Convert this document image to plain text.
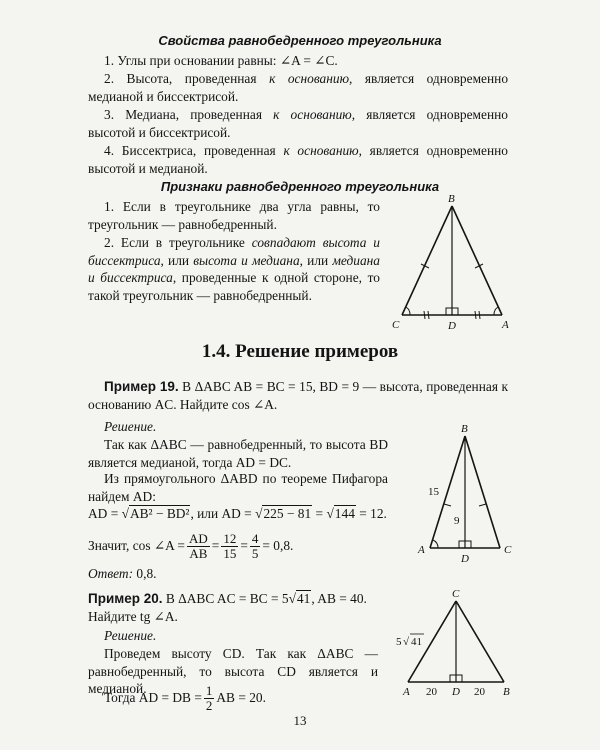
Свойства равнобедренного треугольника
1. Углы при основании равны: ∠A = ∠C.
2. Высота, проведенная к основанию, является одновременно медианой и биссектрисой.
3. Медиана, проведенная к основанию, является одновременно высотой и биссектрисой.
4. Биссектриса, проведенная к основанию, является одновременно высотой и медианой.
Признаки равнобедренного треугольника
1. Если в треугольнике два угла равны, то треугольник — равнобедренный.
2. Если в треугольнике совпадают высота и биссектриса, или высота и медиана, или медиана и биссектриса, проведенные к одной стороне, то такой треугольник — равнобедренный.
B
C	D	A
1.4. Решение примеров
Пример 19. В ΔABC AB = BC = 15, BD = 9 — высота, проведенная к основанию AC. Найдите cos ∠A.
Решение.
Так как ΔABC — равнобедренный, то высота BD является медианой, тогда AD = DC.
Из прямоугольного ΔABD по теореме Пифагора найдем AD:
AD = √AB² − BD², или AD = √225 − 81 = √144 = 12.
Значит, cos ∠A = $\frac{AD}{AB} = \frac{12}{15} = \frac{4}{5} = 0,8$.
Ответ: 0,8.
B
A	C
D
15
9
Пример 20. В ΔABC AC = BC = 5√41, AB = 40.
Найдите tg ∠A.
Решение.
Проведем высоту CD. Так как ΔABC — равнобедренный, то высота CD является и медианой.
Тогда AD = DB = $\frac{1}{2}$ AB = 20.
C
A	D	B
5 √ 41
20	20
13
